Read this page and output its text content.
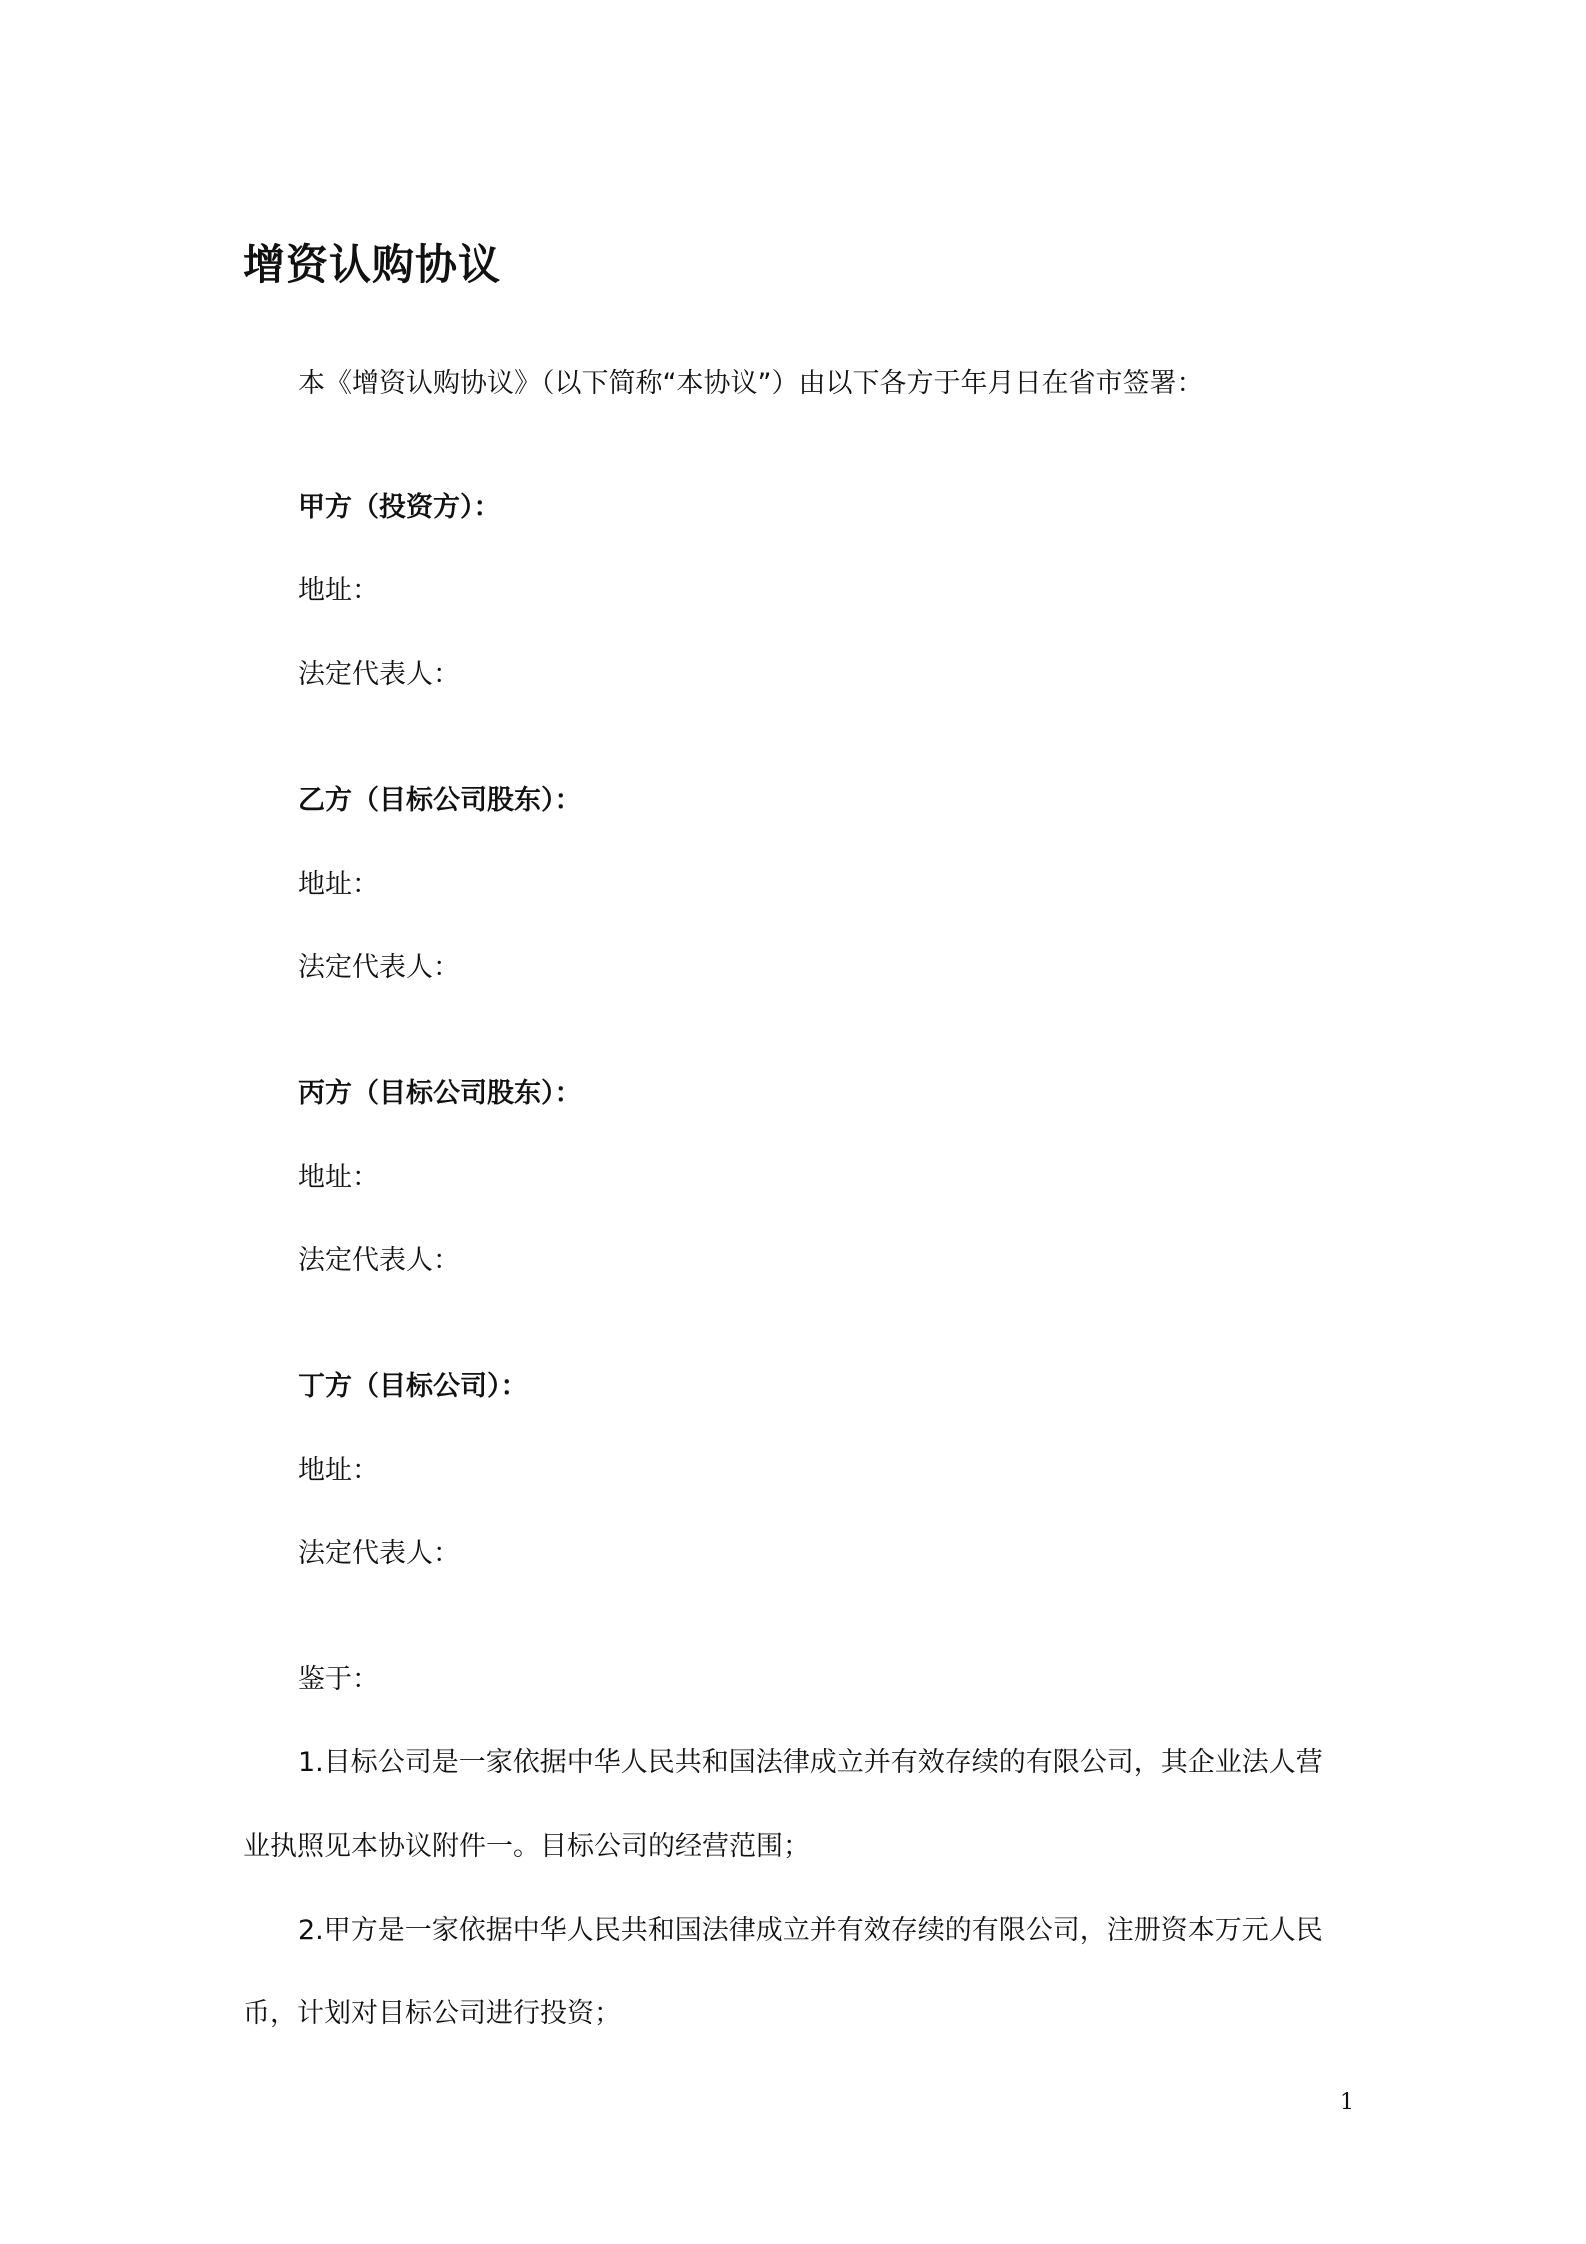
增资认购协议
本《增资认购协议》（以下简称“本协议”）由以下各方于年月日在省市签署：
甲方（投资方）：
地址：
法定代表人：
乙方（目标公司股东）：
地址：
法定代表人：
丙方（目标公司股东）：
地址：
法定代表人：
丁方（目标公司）：
地址：
法定代表人：
鉴于：
1.目标公司是一家依据中华人民共和国法律成立并有效存续的有限公司，其企业法人营
业执照见本协议附件一。目标公司的经营范围；
2.甲方是一家依据中华人民共和国法律成立并有效存续的有限公司，注册资本万元人民
币，计划对目标公司进行投资；
1
